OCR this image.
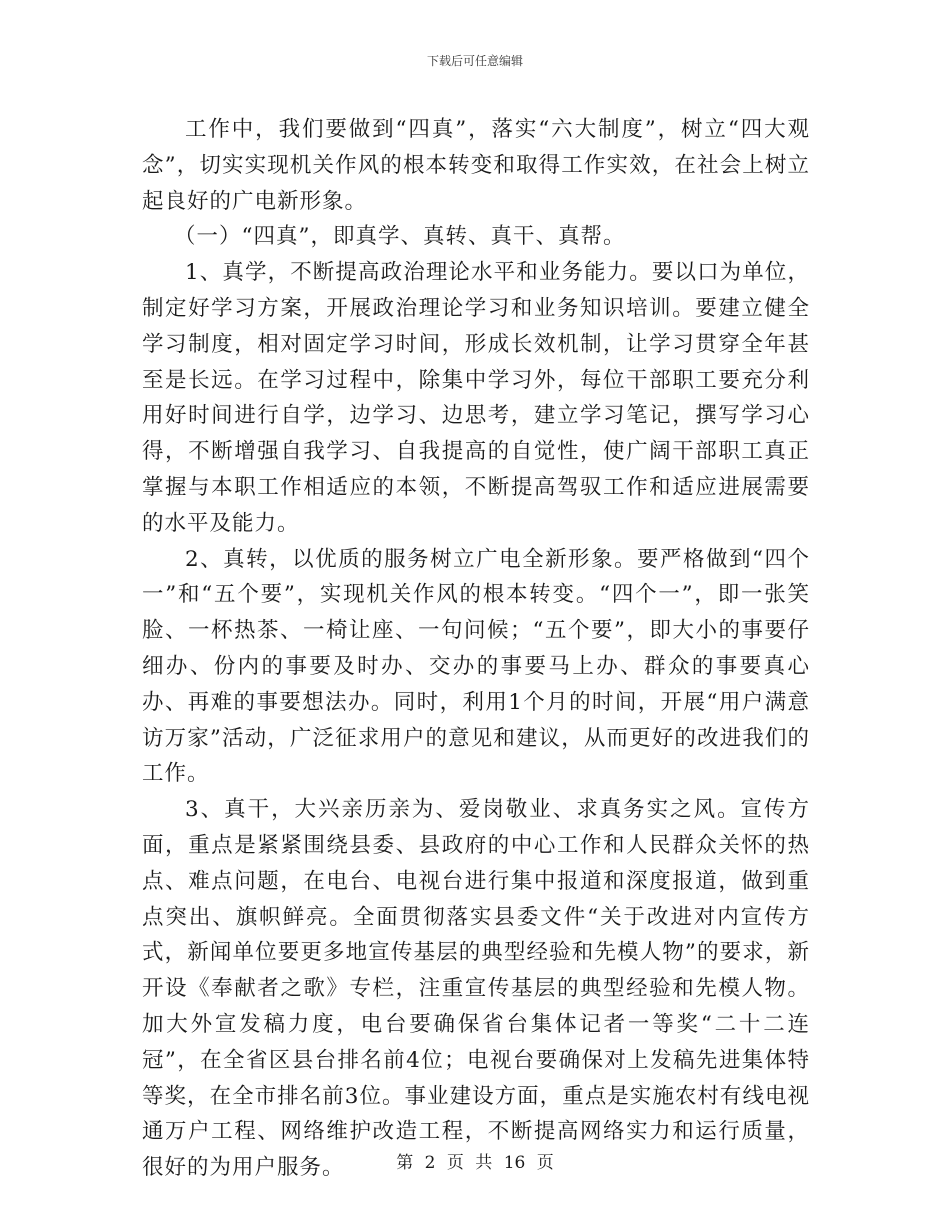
下载后可任意编辑

工作中，我们要做到“四真”，落实“六大制度”，树立“四大观念”，切实实现机关作风的根本转变和取得工作实效，在社会上树立起良好的广电新形象。

（一）“四真”，即真学、真转、真干、真帮。

1、真学，不断提高政治理论水平和业务能力。要以口为单位，制定好学习方案，开展政治理论学习和业务知识培训。要建立健全学习制度，相对固定学习时间，形成长效机制，让学习贯穿全年甚至是长远。在学习过程中，除集中学习外，每位干部职工要充分利用好时间进行自学，边学习、边思考，建立学习笔记，撰写学习心得，不断增强自我学习、自我提高的自觉性，使广阔干部职工真正掌握与本职工作相适应的本领，不断提高驾驭工作和适应进展需要的水平及能力。

2、真转，以优质的服务树立广电全新形象。要严格做到“四个一”和“五个要”，实现机关作风的根本转变。“四个一”，即一张笑脸、一杯热茶、一椅让座、一句问候；“五个要”，即大小的事要仔细办、份内的事要及时办、交办的事要马上办、群众的事要真心办、再难的事要想法办。同时，利用1个月的时间，开展“用户满意访万家”活动，广泛征求用户的意见和建议，从而更好的改进我们的工作。

3、真干，大兴亲历亲为、爱岗敬业、求真务实之风。宣传方面，重点是紧紧围绕县委、县政府的中心工作和人民群众关怀的热点、难点问题，在电台、电视台进行集中报道和深度报道，做到重点突出、旗帜鲜亮。全面贯彻落实县委文件“关于改进对内宣传方式，新闻单位要更多地宣传基层的典型经验和先模人物”的要求，新开设《奉献者之歌》专栏，注重宣传基层的典型经验和先模人物。加大外宣发稿力度，电台要确保省台集体记者一等奖“二十二连冠”，在全省区县台排名前4位；电视台要确保对上发稿先进集体特等奖，在全市排名前3位。事业建设方面，重点是实施农村有线电视通万户工程、网络维护改造工程，不断提高网络实力和运行质量，很好的为用户服务。	第 2 页 共 16 页
